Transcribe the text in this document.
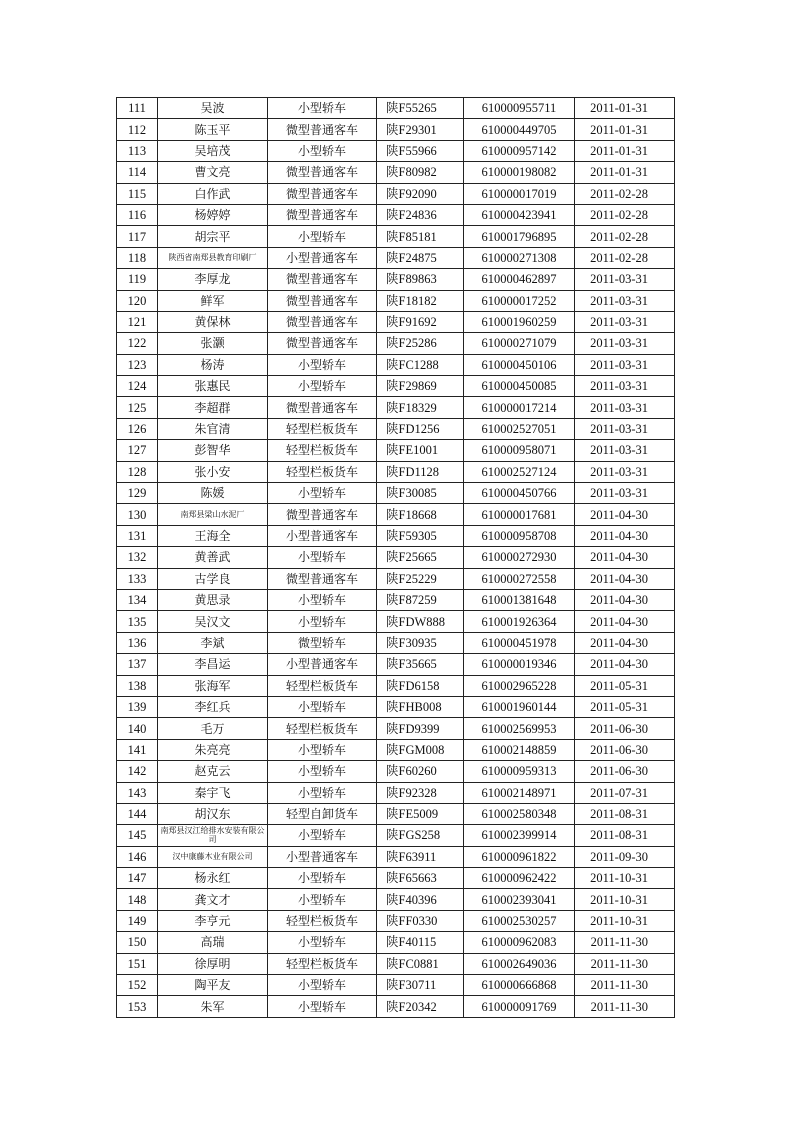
111	吴波	小型轿车	陕F55265	610000955711	2011-01-31
112	陈玉平	微型普通客车	陕F29301	610000449705	2011-01-31
113	吴培茂	小型轿车	陕F55966	610000957142	2011-01-31
114	曹文亮	微型普通客车	陕F80982	610000198082	2011-01-31
115	白作武	微型普通客车	陕F92090	610000017019	2011-02-28
116	杨婷婷	微型普通客车	陕F24836	610000423941	2011-02-28
117	胡宗平	小型轿车	陕F85181	610001796895	2011-02-28
118	陕西省南郑县教育印刷厂	小型普通客车	陕F24875	610000271308	2011-02-28
119	李厚龙	微型普通客车	陕F89863	610000462897	2011-03-31
120	鲜军	微型普通客车	陕F18182	610000017252	2011-03-31
121	黄保林	微型普通客车	陕F91692	610001960259	2011-03-31
122	张灏	微型普通客车	陕F25286	610000271079	2011-03-31
123	杨涛	小型轿车	陕FC1288	610000450106	2011-03-31
124	张惠民	小型轿车	陕F29869	610000450085	2011-03-31
125	李超群	微型普通客车	陕F18329	610000017214	2011-03-31
126	朱官清	轻型栏板货车	陕FD1256	610002527051	2011-03-31
127	彭智华	轻型栏板货车	陕FE1001	610000958071	2011-03-31
128	张小安	轻型栏板货车	陕FD1128	610002527124	2011-03-31
129	陈媛	小型轿车	陕F30085	610000450766	2011-03-31
130	南郑县梁山水泥厂	微型普通客车	陕F18668	610000017681	2011-04-30
131	王海全	小型普通客车	陕F59305	610000958708	2011-04-30
132	黄善武	小型轿车	陕F25665	610000272930	2011-04-30
133	古学良	微型普通客车	陕F25229	610000272558	2011-04-30
134	黄思录	小型轿车	陕F87259	610001381648	2011-04-30
135	吴汉文	小型轿车	陕FDW888	610001926364	2011-04-30
136	李斌	微型轿车	陕F30935	610000451978	2011-04-30
137	李昌运	小型普通客车	陕F35665	610000019346	2011-04-30
138	张海军	轻型栏板货车	陕FD6158	610002965228	2011-05-31
139	李红兵	小型轿车	陕FHB008	610001960144	2011-05-31
140	毛万	轻型栏板货车	陕FD9399	610002569953	2011-06-30
141	朱亮亮	小型轿车	陕FGM008	610002148859	2011-06-30
142	赵克云	小型轿车	陕F60260	610000959313	2011-06-30
143	秦宇飞	小型轿车	陕F92328	610002148971	2011-07-31
144	胡汉东	轻型自卸货车	陕FE5009	610002580348	2011-08-31
145	南郑县汉江给排水安装有限公司	小型轿车	陕FGS258	610002399914	2011-08-31
146	汉中康藤木业有限公司	小型普通客车	陕F63911	610000961822	2011-09-30
147	杨永红	小型轿车	陕F65663	610000962422	2011-10-31
148	龚文才	小型轿车	陕F40396	610002393041	2011-10-31
149	李亨元	轻型栏板货车	陕FF0330	610002530257	2011-10-31
150	高瑞	小型轿车	陕F40115	610000962083	2011-11-30
151	徐厚明	轻型栏板货车	陕FC0881	610002649036	2011-11-30
152	陶平友	小型轿车	陕F30711	610000666868	2011-11-30
153	朱军	小型轿车	陕F20342	610000091769	2011-11-30
